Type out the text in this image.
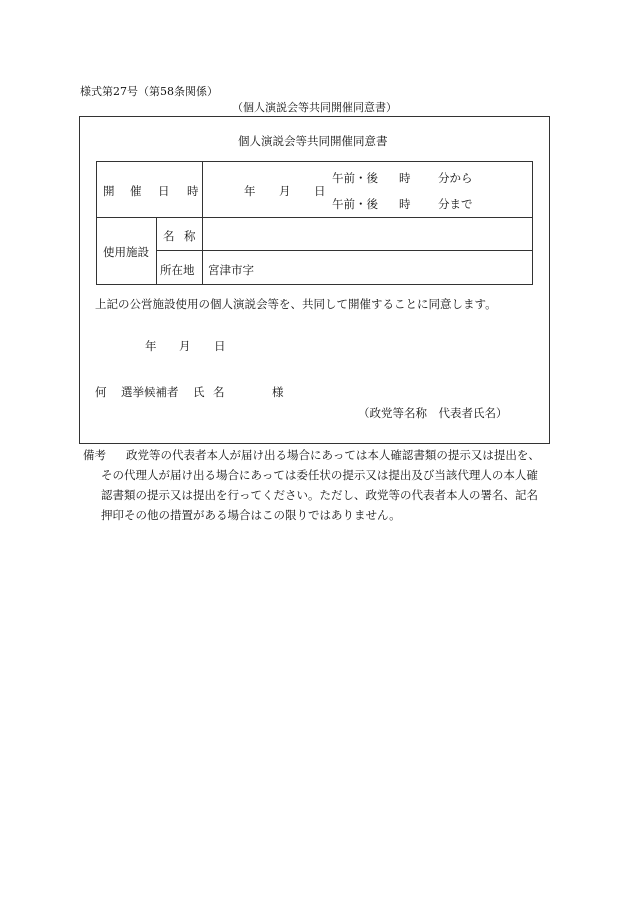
様式第27号（第58条関係）
（個人演説会等共同開催同意書）
個人演説会等共同開催同意書
開 催 日 時	年 月 日
午前・後 時 分から
午前・後 時 分まで
使用施設
名 称
所在地 宮津市字
上記の公営施設使用の個人演説会等を、共同して開催することに同意します。
年 月 日
何 選挙候補者 氏 名	様
（政党等名称　代表者氏名）
備考 政党等の代表者本人が届け出る場合にあっては本人確認書類の提示又は提出を、
その代理人が届け出る場合にあっては委任状の提示又は提出及び当該代理人の本人確
認書類の提示又は提出を行ってください。ただし、政党等の代表者本人の署名、記名
押印その他の措置がある場合はこの限りではありません。
